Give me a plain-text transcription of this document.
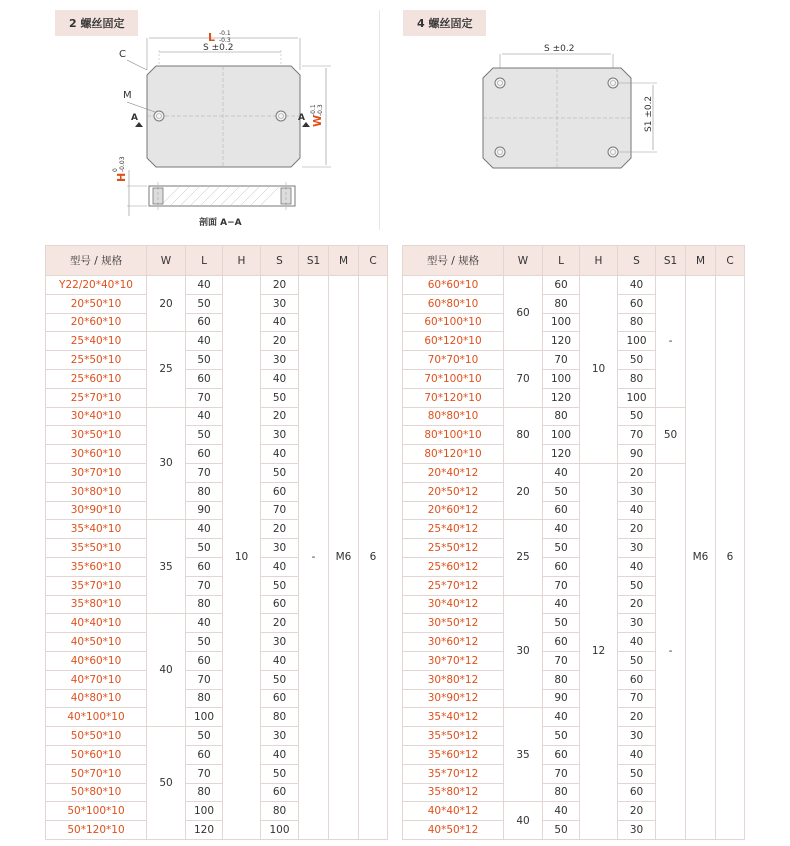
2 螺丝固定
L -0.1
-0.3
S ±0.2
C
M
A	A W
-0.1 -0.3
H
0 -0.03
剖面 A−A
4 螺丝固定
S ±0.2
S1 ±0.2
型号 / 规格	W	L	H	S	S1	M	C
Y22/20*40*10	20	40	10	20	-	M6	6
20*50*10		50		30			
20*60*10		60		40			
25*40*10	25	40		20			
25*50*10		50		30			
25*60*10		60		40			
25*70*10		70		50			
30*40*10	30	40		20			
30*50*10		50		30			
30*60*10		60		40			
30*70*10		70		50			
30*80*10		80		60			
30*90*10		90		70			
35*40*10	35	40		20			
35*50*10		50		30			
35*60*10		60		40			
35*70*10		70		50			
35*80*10		80		60			
40*40*10	40	40		20			
40*50*10		50		30			
40*60*10		60		40			
40*70*10		70		50			
40*80*10		80		60			
40*100*10		100		80			
50*50*10	50	50		30			
50*60*10		60		40			
50*70*10		70		50			
50*80*10		80		60			
50*100*10		100		80			
50*120*10		120		100			
型号 / 规格	W	L	H	S	S1	M	C
60*60*10	60	60	10	40	-	M6	6
60*80*10		80		60			
60*100*10		100		80			
60*120*10		120		100			
70*70*10	70	70		50			
70*100*10		100		80			
70*120*10		120		100			
80*80*10	80	80		50	50		
80*100*10		100		70			
80*120*10		120		90			
20*40*12	20	40	12	20	-		
20*50*12		50		30			
20*60*12		60		40			
25*40*12	25	40		20			
25*50*12		50		30			
25*60*12		60		40			
25*70*12		70		50			
30*40*12	30	40		20			
30*50*12		50		30			
30*60*12		60		40			
30*70*12		70		50			
30*80*12		80		60			
30*90*12		90		70			
35*40*12	35	40		20			
35*50*12		50		30			
35*60*12		60		40			
35*70*12		70		50			
35*80*12		80		60			
40*40*12	40	40		20			
40*50*12		50		30			
